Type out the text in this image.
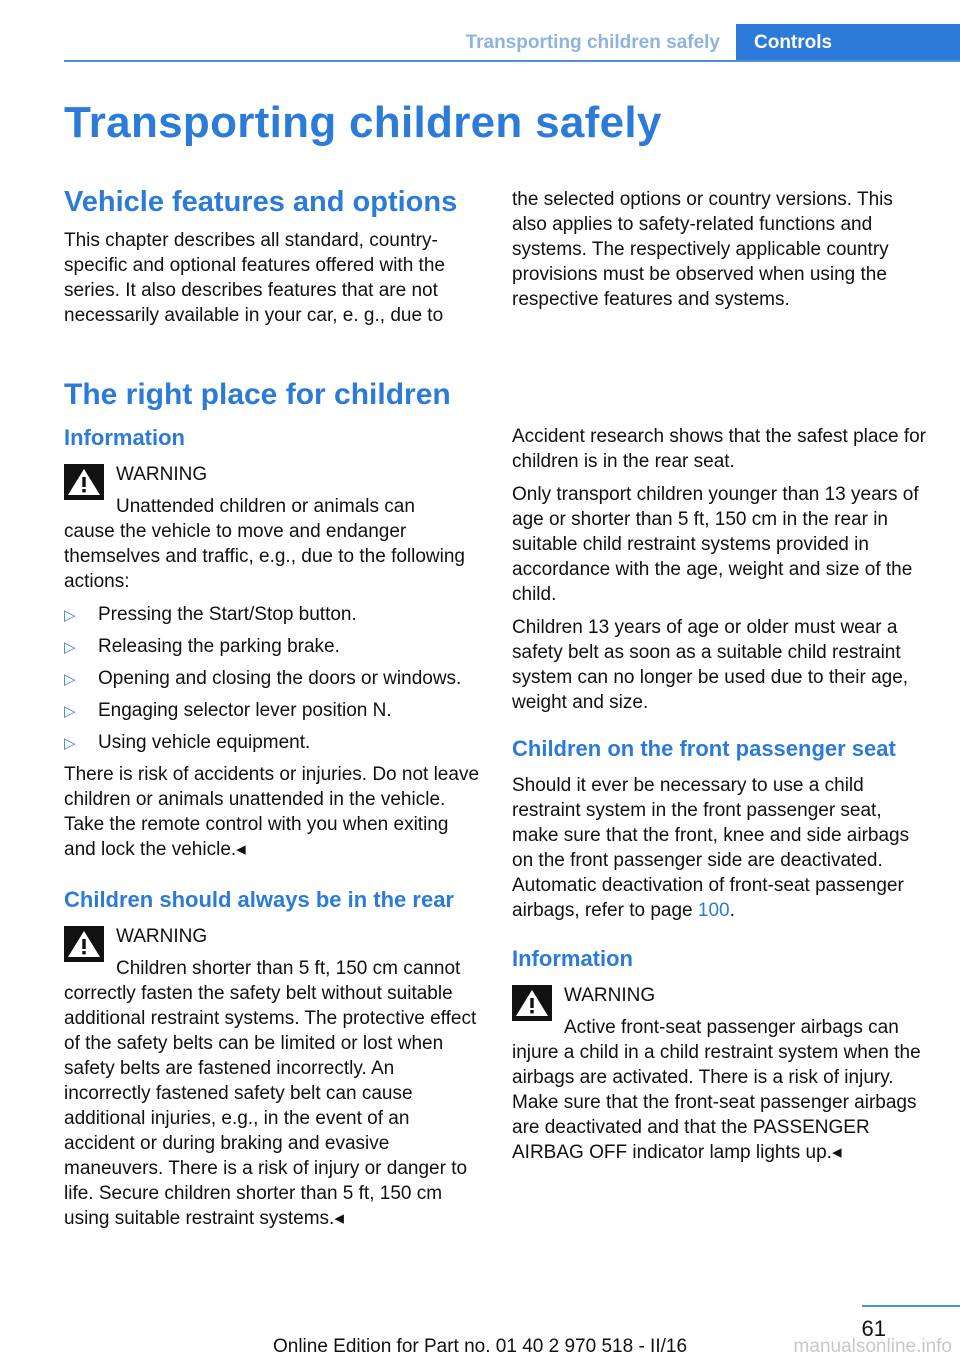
Transporting children safely	Controls
Transporting children safely
Vehicle features and options

This chapter describes all standard, country-specific and optional features offered with the series. It also describes features that are not necessarily available in your car, e. g., due to

the selected options or country versions. This also applies to safety-related functions and systems. The respectively applicable country provisions must be observed when using the respective features and systems.

The right place for children
Information
WARNING
Unattended children or animals can

cause the vehicle to move and endanger themselves and traffic, e.g., due to the following actions:

▷ Pressing the Start/Stop button.
▷ Releasing the parking brake.
▷ Opening and closing the doors or windows.
▷ Engaging selector lever position N.
▷ Using vehicle equipment.

There is risk of accidents or injuries. Do not leave children or animals unattended in the vehicle. Take the remote control with you when exiting and lock the vehicle.◂

Children should always be in the rear
WARNING
Children shorter than 5 ft, 150 cm cannot

correctly fasten the safety belt without suitable additional restraint systems. The protective effect of the safety belts can be limited or lost when safety belts are fastened incorrectly. An incorrectly fastened safety belt can cause additional injuries, e.g., in the event of an accident or during braking and evasive maneuvers. There is a risk of injury or danger to life. Secure children shorter than 5 ft, 150 cm using suitable restraint systems.◂

Accident research shows that the safest place for children is in the rear seat.

Only transport children younger than 13 years of age or shorter than 5 ft, 150 cm in the rear in suitable child restraint systems provided in accordance with the age, weight and size of the child.

Children 13 years of age or older must wear a safety belt as soon as a suitable child restraint system can no longer be used due to their age, weight and size.

Children on the front passenger seat

Should it ever be necessary to use a child restraint system in the front passenger seat, make sure that the front, knee and side airbags on the front passenger side are deactivated. Automatic deactivation of front-seat passenger airbags, refer to page 100.

Information
WARNING
Active front-seat passenger airbags can

injure a child in a child restraint system when the airbags are activated. There is a risk of injury. Make sure that the front-seat passenger airbags are deactivated and that the PASSENGER AIRBAG OFF indicator lamp lights up.◂

61
Online Edition for Part no. 01 40 2 970 518 - II/16	manualsonline.info
